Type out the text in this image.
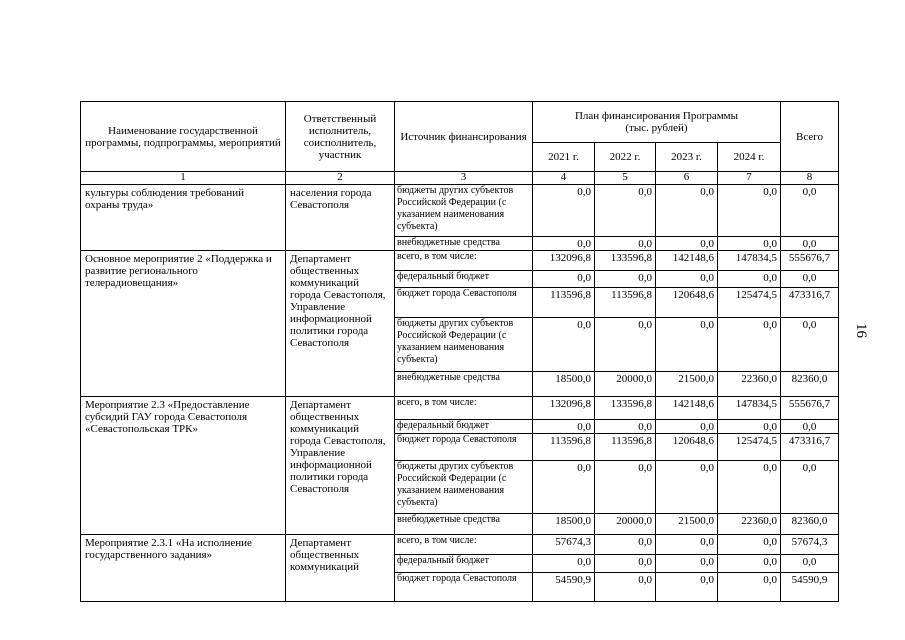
16
Наименование государственной программы, подпрограммы, мероприятий	Ответственный исполнитель, соисполнитель, участник	Источник финансирования	План финансирования Программы
(тыс. рублей)				Всего
			2021 г.	2022 г.	2023 г.	2024 г.	
1	2	3	4	5	6	7	8
культуры соблюдения требований охраны труда»	населения города Севастополя	бюджеты других субъектов Российской Федерации (с указанием наименования субъекта)	0,0	0,0	0,0	0,0	0,0
		внебюджетные средства	0,0	0,0	0,0	0,0	0,0
Основное мероприятие 2 «Поддержка и развитие регионального телерадиовещания»	Департамент общественных коммуникаций города Севастополя, Управление информационной политики города Севастополя	всего, в том числе:	132096,8	133596,8	142148,6	147834,5	555676,7
		федеральный бюджет	0,0	0,0	0,0	0,0	0,0
		бюджет города Севастополя	113596,8	113596,8	120648,6	125474,5	473316,7
		бюджеты других субъектов Российской Федерации (с указанием наименования субъекта)	0,0	0,0	0,0	0,0	0,0
		внебюджетные средства	18500,0	20000,0	21500,0	22360,0	82360,0
Мероприятие 2.3 «Предоставление субсидий ГАУ города Севастополя «Севастопольская ТРК»	Департамент общественных коммуникаций города Севастополя, Управление информационной политики города Севастополя	всего, в том числе:	132096,8	133596,8	142148,6	147834,5	555676,7
		федеральный бюджет	0,0	0,0	0,0	0,0	0,0
		бюджет города Севастополя	113596,8	113596,8	120648,6	125474,5	473316,7
		бюджеты других субъектов Российской Федерации (с указанием наименования субъекта)	0,0	0,0	0,0	0,0	0,0
		внебюджетные средства	18500,0	20000,0	21500,0	22360,0	82360,0
Мероприятие 2.3.1 «На исполнение государственного задания»	Департамент общественных коммуникаций	всего, в том числе:	57674,3	0,0	0,0	0,0	57674,3
		федеральный бюджет	0,0	0,0	0,0	0,0	0,0
		бюджет города Севастополя	54590,9	0,0	0,0	0,0	54590,9
